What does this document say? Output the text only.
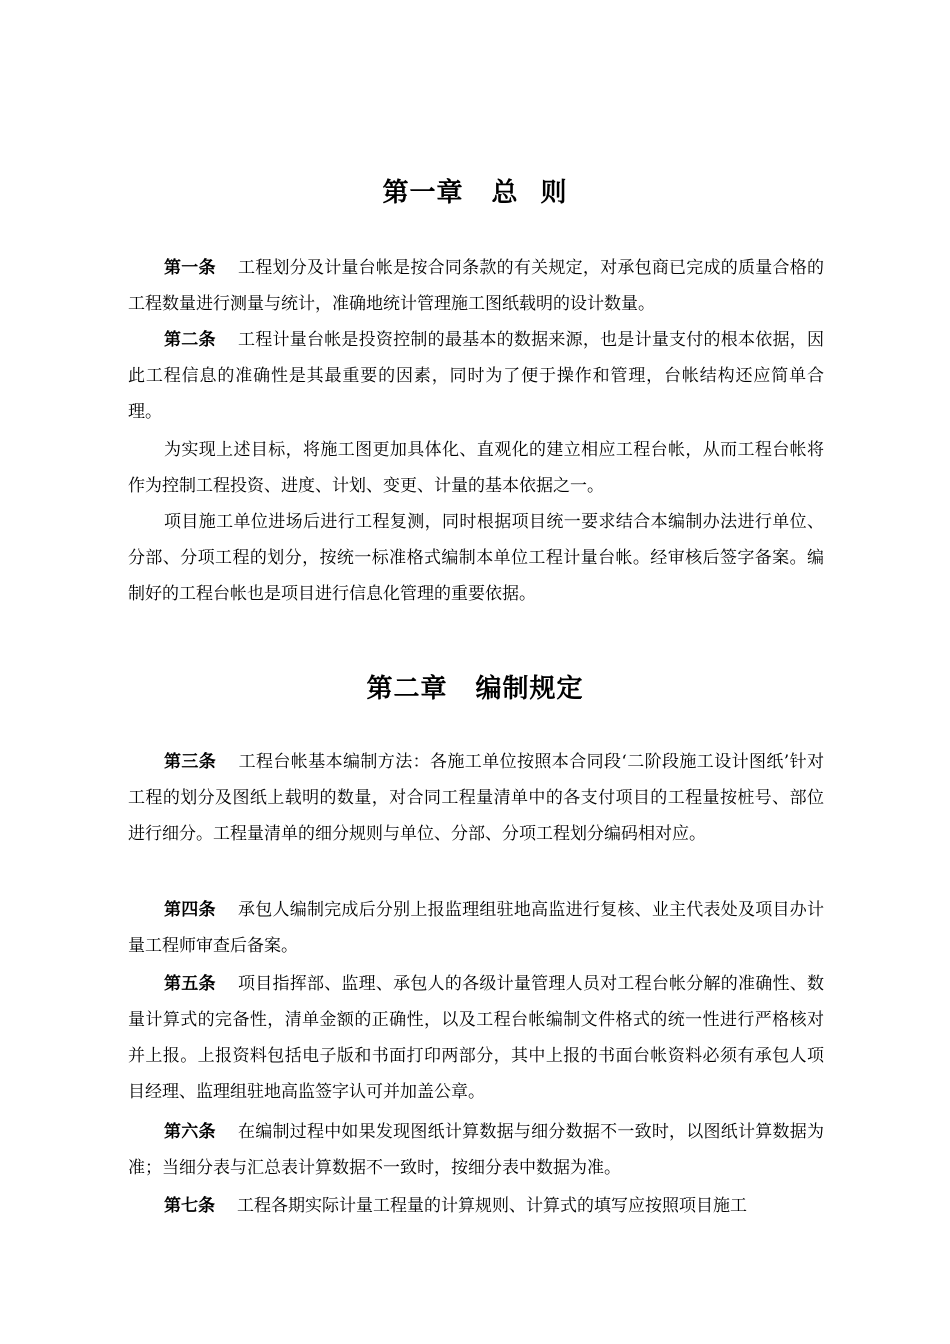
第一章 总 则
第一条 工程划分及计量台帐是按合同条款的有关规定，对承包商已完成的质量合格的工程数量进行测量与统计，准确地统计管理施工图纸载明的设计数量。
第二条 工程计量台帐是投资控制的最基本的数据来源，也是计量支付的根本依据，因此工程信息的准确性是其最重要的因素，同时为了便于操作和管理，台帐结构还应简单合理。
为实现上述目标，将施工图更加具体化、直观化的建立相应工程台帐，从而工程台帐将作为控制工程投资、进度、计划、变更、计量的基本依据之一。
项目施工单位进场后进行工程复测，同时根据项目统一要求结合本编制办法进行单位、分部、分项工程的划分，按统一标准格式编制本单位工程计量台帐。经审核后签字备案。编制好的工程台帐也是项目进行信息化管理的重要依据。
第二章 编制规定
第三条 工程台帐基本编制方法：各施工单位按照本合同段‘二阶段施工设计图纸’针对工程的划分及图纸上载明的数量，对合同工程量清单中的各支付项目的工程量按桩号、部位进行细分。工程量清单的细分规则与单位、分部、分项工程划分编码相对应。
第四条 承包人编制完成后分别上报监理组驻地高监进行复核、业主代表处及项目办计量工程师审查后备案。
第五条 项目指挥部、监理、承包人的各级计量管理人员对工程台帐分解的准确性、数量计算式的完备性，清单金额的正确性，以及工程台帐编制文件格式的统一性进行严格核对并上报。上报资料包括电子版和书面打印两部分，其中上报的书面台帐资料必须有承包人项目经理、监理组驻地高监签字认可并加盖公章。
第六条 在编制过程中如果发现图纸计算数据与细分数据不一致时，以图纸计算数据为准；当细分表与汇总表计算数据不一致时，按细分表中数据为准。
第七条 工程各期实际计量工程量的计算规则、计算式的填写应按照项目施工
